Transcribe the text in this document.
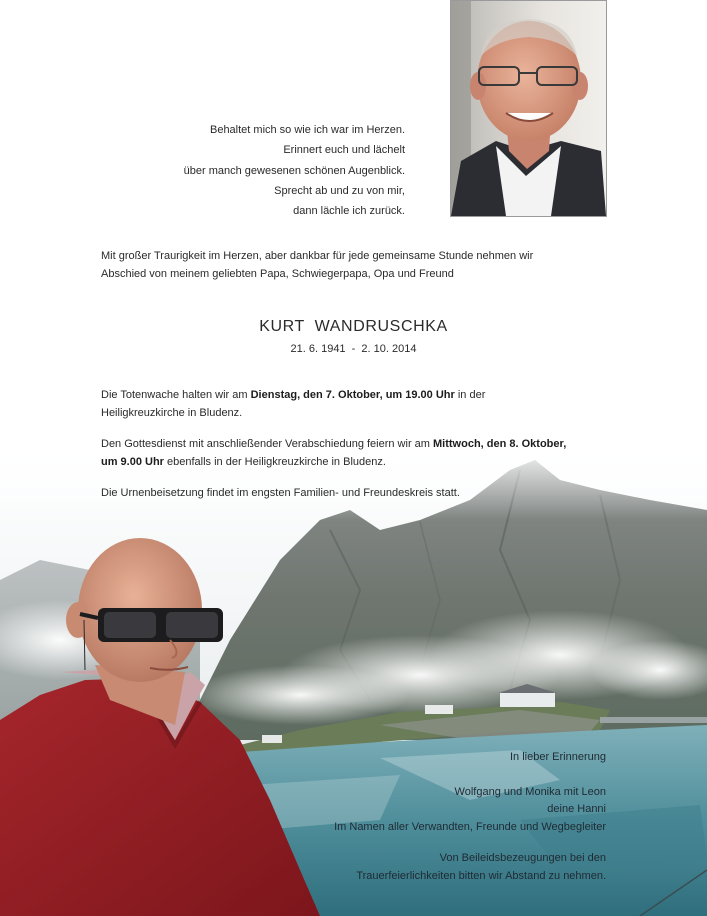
Behaltet mich so wie ich war im Herzen.
Erinnert euch und lächelt
über manch gewesenen schönen Augenblick.
Sprecht ab und zu von mir,
dann lächle ich zurück.
Mit großer Traurigkeit im Herzen, aber dankbar für jede gemeinsame Stunde nehmen wir
Abschied von meinem geliebten Papa, Schwiegerpapa, Opa und Freund
KURT  WANDRUSCHKA
21. 6. 1941  -  2. 10. 2014
Die Totenwache halten wir am Dienstag, den 7. Oktober, um 19.00 Uhr in der
Heiligkreuzkirche in Bludenz.
Den Gottesdienst mit anschließender Verabschiedung feiern wir am Mittwoch, den 8. Oktober,
um 9.00 Uhr ebenfalls in der Heiligkreuzkirche in Bludenz.
Die Urnenbeisetzung findet im engsten Familien- und Freundeskreis statt.
In lieber Erinnerung
Wolfgang und Monika mit Leon
deine Hanni
Im Namen aller Verwandten, Freunde und Wegbegleiter
Von Beileidsbezeugungen bei den
Trauerfeierlichkeiten bitten wir Abstand zu nehmen.
